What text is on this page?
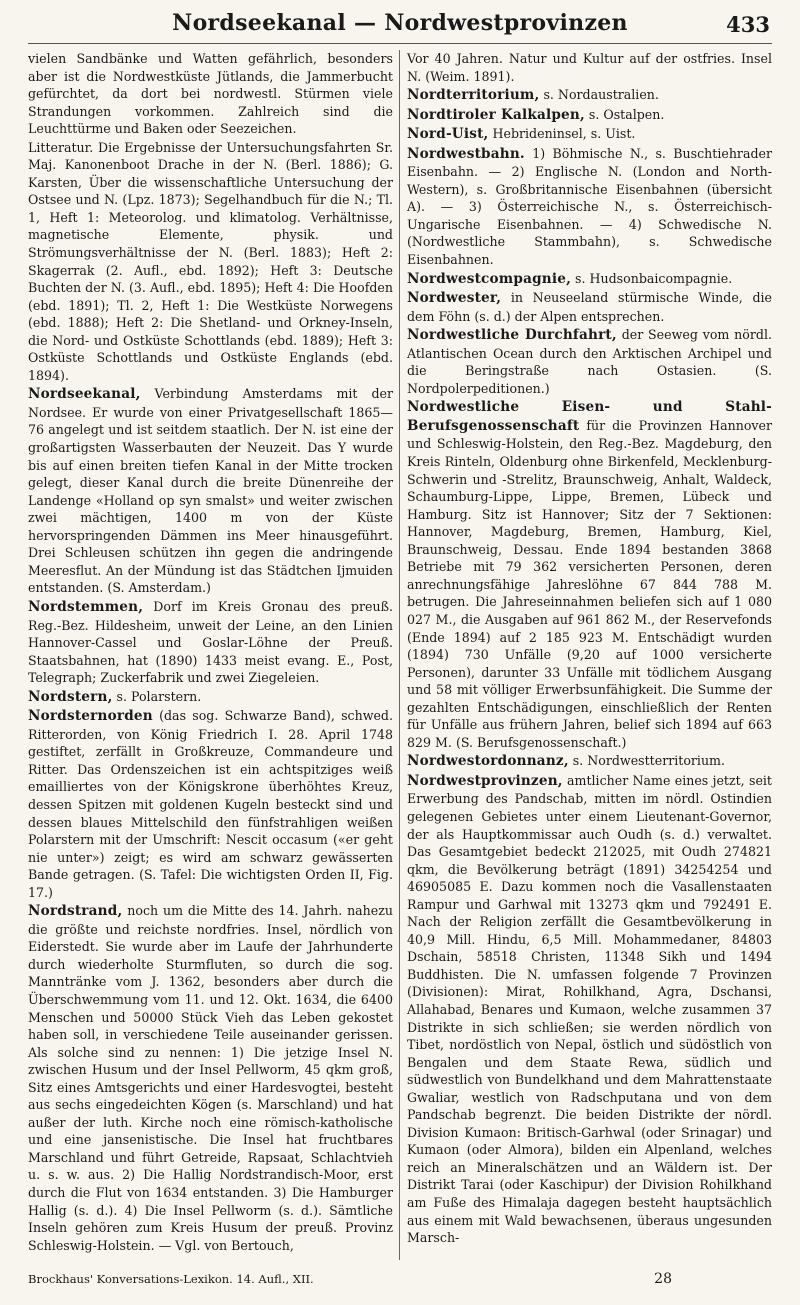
Nordseekanal — Nordwestprovinzen	433

vielen Sandbänke und Watten gefährlich, besonders aber ist die Nordwestküste Jütlands, die Jammerbucht gefürchtet, da dort bei nordwestl. Stürmen viele Strandungen vorkommen. Zahlreich sind die Leuchttürme und Baken oder Seezeichen.

Litteratur. Die Ergebnisse der Untersuchungsfahrten Sr. Maj. Kanonenboot Drache in der N. (Berl. 1886); G. Karsten, Über die wissenschaftliche Untersuchung der Ostsee und N. (Lpz. 1873); Segelhandbuch für die N.; Tl. 1, Heft 1: Meteorolog. und klimatolog. Verhältnisse, magnetische Elemente, physik. und Strömungsverhältnisse der N. (Berl. 1883); Heft 2: Skagerrak (2. Aufl., ebd. 1892); Heft 3: Deutsche Buchten der N. (3. Aufl., ebd. 1895); Heft 4: Die Hoofden (ebd. 1891); Tl. 2, Heft 1: Die Westküste Norwegens (ebd. 1888); Heft 2: Die Shetland- und Orkney-Inseln, die Nord- und Ostküste Schottlands (ebd. 1889); Heft 3: Ostküste Schottlands und Ostküste Englands (ebd. 1894).

Nordseekanal, Verbindung Amsterdams mit der Nordsee. Er wurde von einer Privatgesellschaft 1865—76 angelegt und ist seitdem staatlich. Der N. ist eine der großartigsten Wasserbauten der Neuzeit. Das Y wurde bis auf einen breiten tiefen Kanal in der Mitte trocken gelegt, dieser Kanal durch die breite Dünenreihe der Landenge «Holland op syn smalst» und weiter zwischen zwei mächtigen, 1400 m von der Küste hervorspringenden Dämmen ins Meer hinausgeführt. Drei Schleusen schützen ihn gegen die andringende Meeresflut. An der Mündung ist das Städtchen Ijmuiden entstanden. (S. Amsterdam.)

Nordstemmen, Dorf im Kreis Gronau des preuß. Reg.-Bez. Hildesheim, unweit der Leine, an den Linien Hannover-Cassel und Goslar-Löhne der Preuß. Staatsbahnen, hat (1890) 1433 meist evang. E., Post, Telegraph; Zuckerfabrik und zwei Ziegeleien.

Nordstern, s. Polarstern.

Nordsternorden (das sog. Schwarze Band), schwed. Ritterorden, von König Friedrich I. 28. April 1748 gestiftet, zerfällt in Großkreuze, Commandeure und Ritter. Das Ordenszeichen ist ein achtspitziges weiß emailliertes von der Königskrone überhöhtes Kreuz, dessen Spitzen mit goldenen Kugeln besteckt sind und dessen blaues Mittelschild den fünfstrahligen weißen Polarstern mit der Umschrift: Nescit occasum («er geht nie unter») zeigt; es wird am schwarz gewässerten Bande getragen. (S. Tafel: Die wichtigsten Orden II, Fig. 17.)

Nordstrand, noch um die Mitte des 14. Jahrh. nahezu die größte und reichste nordfries. Insel, nördlich von Eiderstedt. Sie wurde aber im Laufe der Jahrhunderte durch wiederholte Sturmfluten, so durch die sog. Manntränke vom J. 1362, besonders aber durch die Überschwemmung vom 11. und 12. Okt. 1634, die 6400 Menschen und 50000 Stück Vieh das Leben gekostet haben soll, in verschiedene Teile auseinander gerissen. Als solche sind zu nennen: 1) Die jetzige Insel N. zwischen Husum und der Insel Pellworm, 45 qkm groß, Sitz eines Amtsgerichts und einer Hardesvogtei, besteht aus sechs eingedeichten Kögen (s. Marschland) und hat außer der luth. Kirche noch eine römisch-katholische und eine jansenistische. Die Insel hat fruchtbares Marschland und führt Getreide, Rapsaat, Schlachtvieh u. s. w. aus. 2) Die Hallig Nordstrandisch-Moor, erst durch die Flut von 1634 entstanden. 3) Die Hamburger Hallig (s. d.). 4) Die Insel Pellworm (s. d.). Sämtliche Inseln gehören zum Kreis Husum der preuß. Provinz Schleswig-Holstein. — Vgl. von Bertouch,

Vor 40 Jahren. Natur und Kultur auf der ostfries. Insel N. (Weim. 1891).

Nordterritorium, s. Nordaustralien.

Nordtiroler Kalkalpen, s. Ostalpen.

Nord-Uist, Hebrideninsel, s. Uist.

Nordwestbahn. 1) Böhmische N., s. Buschtiehrader Eisenbahn. — 2) Englische N. (London and North-Western), s. Großbritannische Eisenbahnen (übersicht A). — 3) Österreichische N., s. Österreichisch-Ungarische Eisenbahnen. — 4) Schwedische N. (Nordwestliche Stammbahn), s. Schwedische Eisenbahnen.

Nordwestcompagnie, s. Hudsonbaicompagnie.

Nordwester, in Neuseeland stürmische Winde, die dem Föhn (s. d.) der Alpen entsprechen.

Nordwestliche Durchfahrt, der Seeweg vom nördl. Atlantischen Ocean durch den Arktischen Archipel und die Beringstraße nach Ostasien. (S. Nordpolerpeditionen.)

Nordwestliche Eisen- und Stahl-Berufsgenossenschaft für die Provinzen Hannover und Schleswig-Holstein, den Reg.-Bez. Magdeburg, den Kreis Rinteln, Oldenburg ohne Birkenfeld, Mecklenburg-Schwerin und -Strelitz, Braunschweig, Anhalt, Waldeck, Schaumburg-Lippe, Lippe, Bremen, Lübeck und Hamburg. Sitz ist Hannover; Sitz der 7 Sektionen: Hannover, Magdeburg, Bremen, Hamburg, Kiel, Braunschweig, Dessau. Ende 1894 bestanden 3868 Betriebe mit 79 362 versicherten Personen, deren anrechnungsfähige Jahreslöhne 67 844 788 M. betrugen. Die Jahreseinnahmen beliefen sich auf 1 080 027 M., die Ausgaben auf 961 862 M., der Reservefonds (Ende 1894) auf 2 185 923 M. Entschädigt wurden (1894) 730 Unfälle (9,20 auf 1000 versicherte Personen), darunter 33 Unfälle mit tödlichem Ausgang und 58 mit völliger Erwerbsunfähigkeit. Die Summe der gezahlten Entschädigungen, einschließlich der Renten für Unfälle aus frühern Jahren, belief sich 1894 auf 663 829 M. (S. Berufsgenossenschaft.)

Nordwestordonnanz, s. Nordwestterritorium.

Nordwestprovinzen, amtlicher Name eines jetzt, seit Erwerbung des Pandschab, mitten im nördl. Ostindien gelegenen Gebietes unter einem Lieutenant-Governor, der als Hauptkommissar auch Oudh (s. d.) verwaltet. Das Gesamtgebiet bedeckt 212025, mit Oudh 274821 qkm, die Bevölkerung beträgt (1891) 34254254 und 46905085 E. Dazu kommen noch die Vasallenstaaten Rampur und Garhwal mit 13273 qkm und 792491 E. Nach der Religion zerfällt die Gesamtbevölkerung in 40,9 Mill. Hindu, 6,5 Mill. Mohammedaner, 84803 Dschain, 58518 Christen, 11348 Sikh und 1494 Buddhisten. Die N. umfassen folgende 7 Provinzen (Divisionen): Mirat, Rohilkhand, Agra, Dschansi, Allahabad, Benares und Kumaon, welche zusammen 37 Distrikte in sich schließen; sie werden nördlich von Tibet, nordöstlich von Nepal, östlich und südöstlich von Bengalen und dem Staate Rewa, südlich und südwestlich von Bundelkhand und dem Mahrattenstaate Gwaliar, westlich von Radschputana und von dem Pandschab begrenzt. Die beiden Distrikte der nördl. Division Kumaon: Britisch-Garhwal (oder Srinagar) und Kumaon (oder Almora), bilden ein Alpenland, welches reich an Mineralschätzen und an Wäldern ist. Der Distrikt Tarai (oder Kaschipur) der Division Rohilkhand am Fuße des Himalaja dagegen besteht hauptsächlich aus einem mit Wald bewachsenen, überaus ungesunden Marsch-

Brockhaus' Konversations-Lexikon. 14. Aufl., XII.	28
